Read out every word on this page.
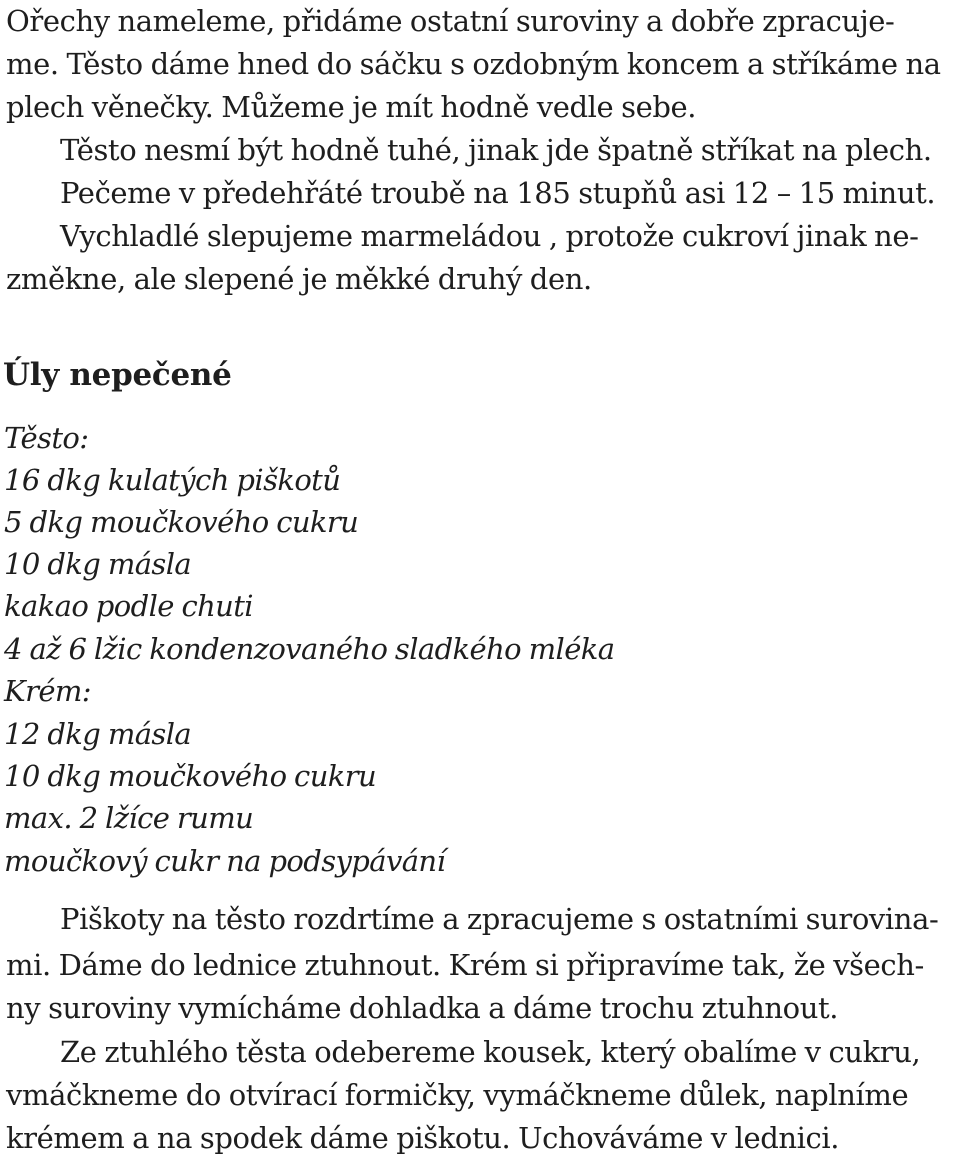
Ořechy nameleme, přidáme ostatní suroviny a dobře zpracuje-
me. Těsto dáme hned do sáčku s ozdobným koncem a stříkáme na
plech věnečky. Můžeme je mít hodně vedle sebe.
Těsto nesmí být hodně tuhé, jinak jde špatně stříkat na plech.
Pečeme v předehřáté troubě na 185 stupňů asi 12 – 15 minut.
Vychladlé slepujeme marmeládou , protože cukroví jinak ne-
změkne, ale slepené je měkké druhý den.
Úly nepečené
Těsto:
16 dkg kulatých piškotů
5 dkg moučkového cukru
10 dkg másla
kakao podle chuti
4 až 6 lžic kondenzovaného sladkého mléka
Krém:
12 dkg másla
10 dkg moučkového cukru
max. 2 lžíce rumu
moučkový cukr na podsypávání
Piškoty na těsto rozdrtíme a zpracujeme s ostatními surovina-
mi. Dáme do lednice ztuhnout. Krém si připravíme tak, že všech-
ny suroviny vymícháme dohladka a dáme trochu ztuhnout.
Ze ztuhlého těsta odebereme kousek, který obalíme v cukru,
vmáčkneme do otvírací formičky, vymáčkneme důlek, naplníme
krémem a na spodek dáme piškotu. Uchováváme v lednici.
